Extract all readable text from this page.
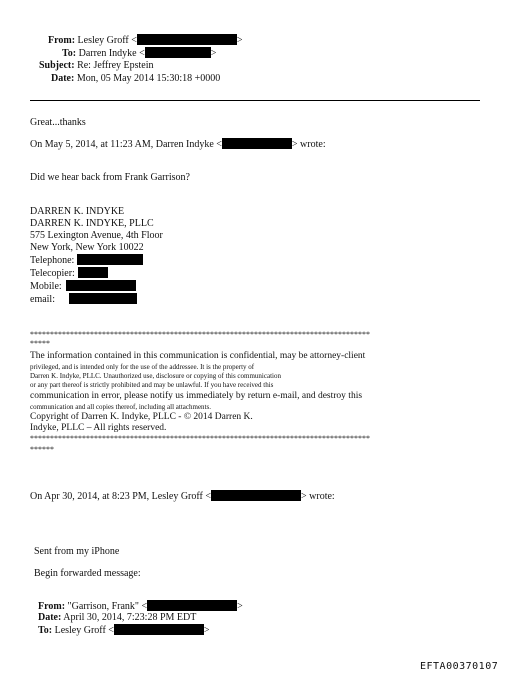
From: Lesley Groff <	>
To: Darren Indyke <	>
Subject: Re: Jeffrey Epstein
Date: Mon, 05 May 2014 15:30:18 +0000
Great...thanks
On May 5, 2014, at 11:23 AM, Darren Indyke <	> wrote:
Did we hear back from Frank Garrison?
DARREN K. INDYKE
DARREN K. INDYKE, PLLC
575 Lexington Avenue, 4th Floor
New York, New York 10022
Telephone:
Telecopier:
Mobile:
email:
*************************************************************************************
*****
The information contained in this communication is confidential, may be attorney-client
privileged, and is intended only for the use of the addressee. It is the property of
Darren K. Indyke, PLLC. Unauthorized use, disclosure or copying of this communication
or any part thereof is strictly prohibited and may be unlawful. If you have received this
communication in error, please notify us immediately by return e-mail, and destroy this
communication and all copies thereof, including all attachments.
Copyright of Darren K. Indyke, PLLC - © 2014 Darren K.
Indyke, PLLC – All rights reserved.
*************************************************************************************
******
On Apr 30, 2014, at 8:23 PM, Lesley Groff <	> wrote:
Sent from my iPhone
Begin forwarded message:
From: "Garrison, Frank" <	>
Date: April 30, 2014, 7:23:28 PM EDT
To: Lesley Groff <	>
EFTA00370107
